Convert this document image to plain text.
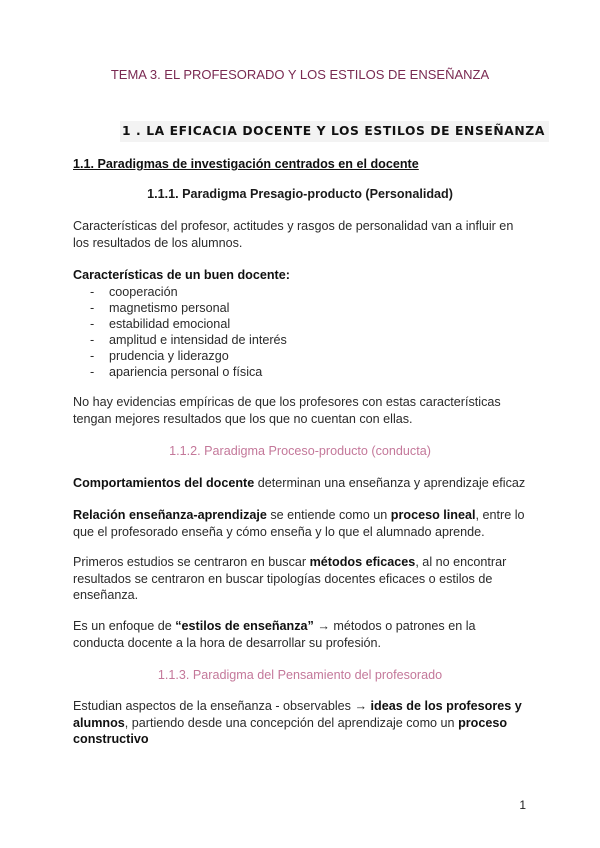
TEMA 3. EL PROFESORADO Y LOS ESTILOS DE ENSEÑANZA
1 . LA EFICACIA DOCENTE Y LOS ESTILOS DE ENSEÑANZA
1.1. Paradigmas de investigación centrados en el docente
1.1.1. Paradigma Presagio-producto (Personalidad)
Características del profesor, actitudes y rasgos de personalidad van a influir en los resultados de los alumnos.
Características de un buen docente:
- cooperación
- magnetismo personal
- estabilidad emocional
- amplitud e intensidad de interés
- prudencia y liderazgo
- apariencia personal o física
No hay evidencias empíricas de que los profesores con estas características tengan mejores resultados que los que no cuentan con ellas.
1.1.2. Paradigma Proceso-producto (conducta)
Comportamientos del docente determinan una enseñanza y aprendizaje eficaz
Relación enseñanza-aprendizaje se entiende como un proceso lineal, entre lo que el profesorado enseña y cómo enseña y lo que el alumnado aprende.
Primeros estudios se centraron en buscar métodos eficaces, al no encontrar resultados se centraron en buscar tipologías docentes eficaces o estilos de enseñanza.
Es un enfoque de “estilos de enseñanza” → métodos o patrones en la conducta docente a la hora de desarrollar su profesión.
1.1.3. Paradigma del Pensamiento del profesorado
Estudian aspectos de la enseñanza - observables → ideas de los profesores y alumnos, partiendo desde una concepción del aprendizaje como un proceso constructivo
1
